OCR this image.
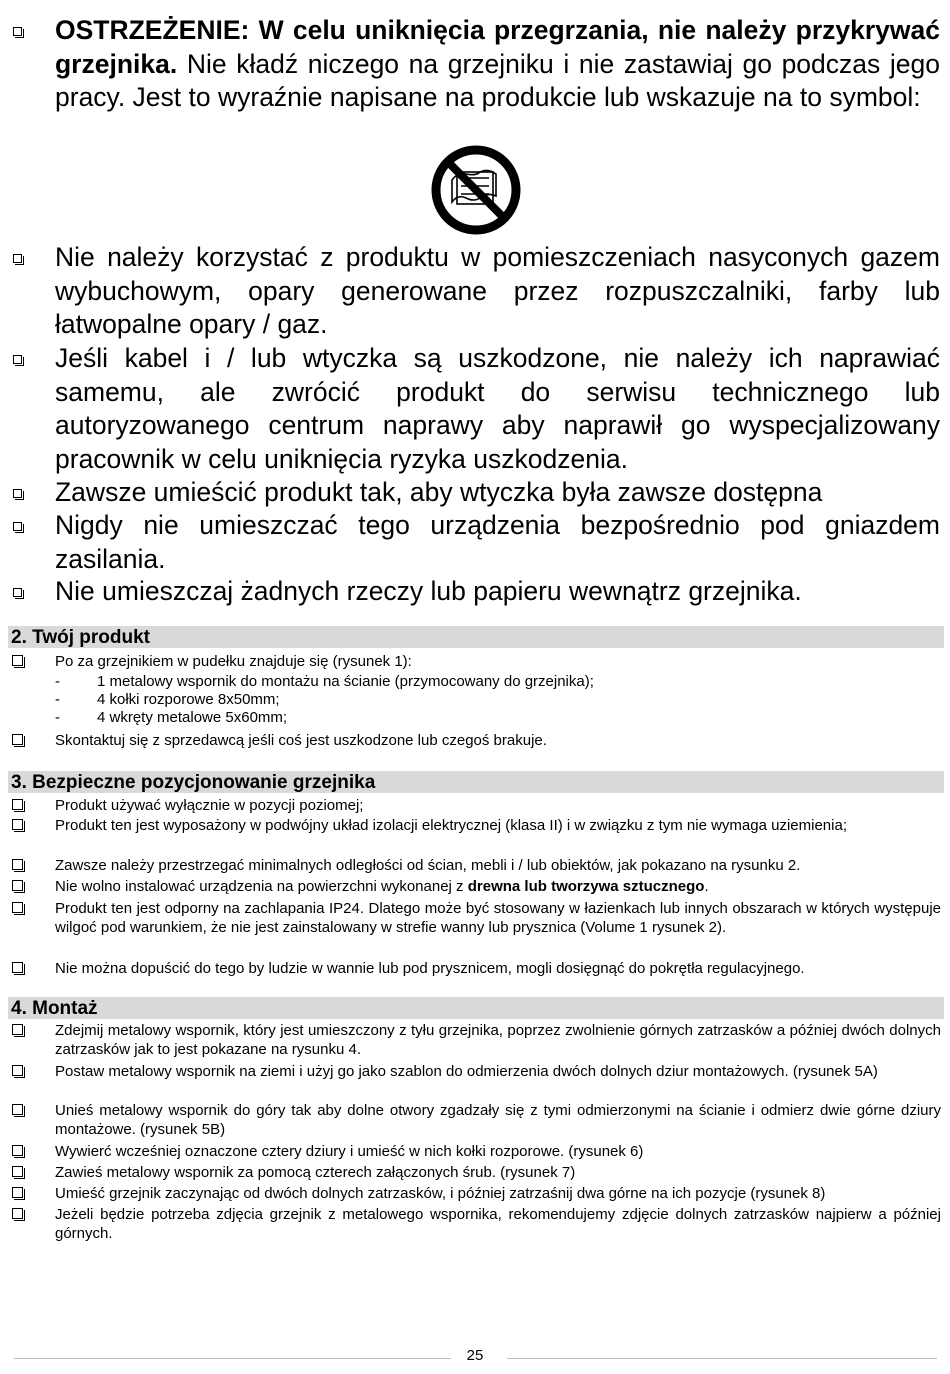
OSTRZEŻENIE: W celu uniknięcia przegrzania, nie należy przykrywać grzejnika. Nie kładź niczego na grzejniku i nie zastawiaj go podczas jego pracy. Jest to wyraźnie napisane na produkcie lub wskazuje na to symbol:
Nie należy korzystać z produktu w pomieszczeniach nasyconych gazem wybuchowym, opary generowane przez rozpuszczalniki, farby lub łatwopalne opary / gaz.
Jeśli kabel i / lub wtyczka są uszkodzone, nie należy ich naprawiać samemu, ale zwrócić produkt do serwisu technicznego lub autoryzowanego centrum naprawy aby naprawił go wyspecjalizowany pracownik w celu uniknięcia ryzyka uszkodzenia.
Zawsze umieścić produkt tak, aby wtyczka była zawsze dostępna
Nigdy nie umieszczać tego urządzenia bezpośrednio pod gniazdem zasilania.
Nie umieszczaj żadnych rzeczy lub papieru wewnątrz grzejnika.
2. Twój produkt
Po za grzejnikiem w pudełku znajduje się (rysunek 1):
- 1 metalowy wspornik do montażu na ścianie (przymocowany do grzejnika);
- 4 kołki rozporowe 8x50mm;
- 4 wkręty metalowe 5x60mm;
Skontaktuj się z sprzedawcą jeśli coś jest uszkodzone lub czegoś brakuje.
3. Bezpieczne pozycjonowanie grzejnika
Produkt używać wyłącznie w pozycji poziomej;
Produkt ten jest wyposażony w podwójny układ izolacji elektrycznej (klasa II) i w związku z tym nie wymaga uziemienia;
Zawsze należy przestrzegać minimalnych odległości od ścian, mebli i / lub obiektów, jak pokazano na rysunku 2.
Nie wolno instalować urządzenia na powierzchni wykonanej z drewna lub tworzywa sztucznego.
Produkt ten jest odporny na zachlapania IP24. Dlatego może być stosowany w łazienkach lub innych obszarach w których występuje wilgoć pod warunkiem, że nie jest zainstalowany w strefie wanny lub prysznica (Volume 1 rysunek 2).
Nie można dopuścić do tego by ludzie w wannie lub pod prysznicem, mogli dosięgnąć do pokrętła regulacyjnego.
4. Montaż
Zdejmij metalowy wspornik, który jest umieszczony z tyłu grzejnika, poprzez zwolnienie górnych zatrzasków a później dwóch dolnych zatrzasków jak to jest pokazane na rysunku 4.
Postaw metalowy wspornik na ziemi i użyj go jako szablon do odmierzenia dwóch dolnych dziur montażowych. (rysunek 5A)
Unieś metalowy wspornik do góry tak aby dolne otwory zgadzały się z tymi odmierzonymi na ścianie i odmierz dwie górne dziury montażowe. (rysunek 5B)
Wywierć wcześniej oznaczone cztery dziury i umieść w nich kołki rozporowe. (rysunek 6)
Zawieś metalowy wspornik za pomocą czterech załączonych śrub. (rysunek 7)
Umieść grzejnik zaczynając od dwóch dolnych zatrzasków, i później zatrzaśnij dwa górne na ich pozycje (rysunek 8)
Jeżeli będzie potrzeba zdjęcia grzejnik z metalowego wspornika, rekomendujemy zdjęcie dolnych zatrzasków najpierw a później górnych.
25
